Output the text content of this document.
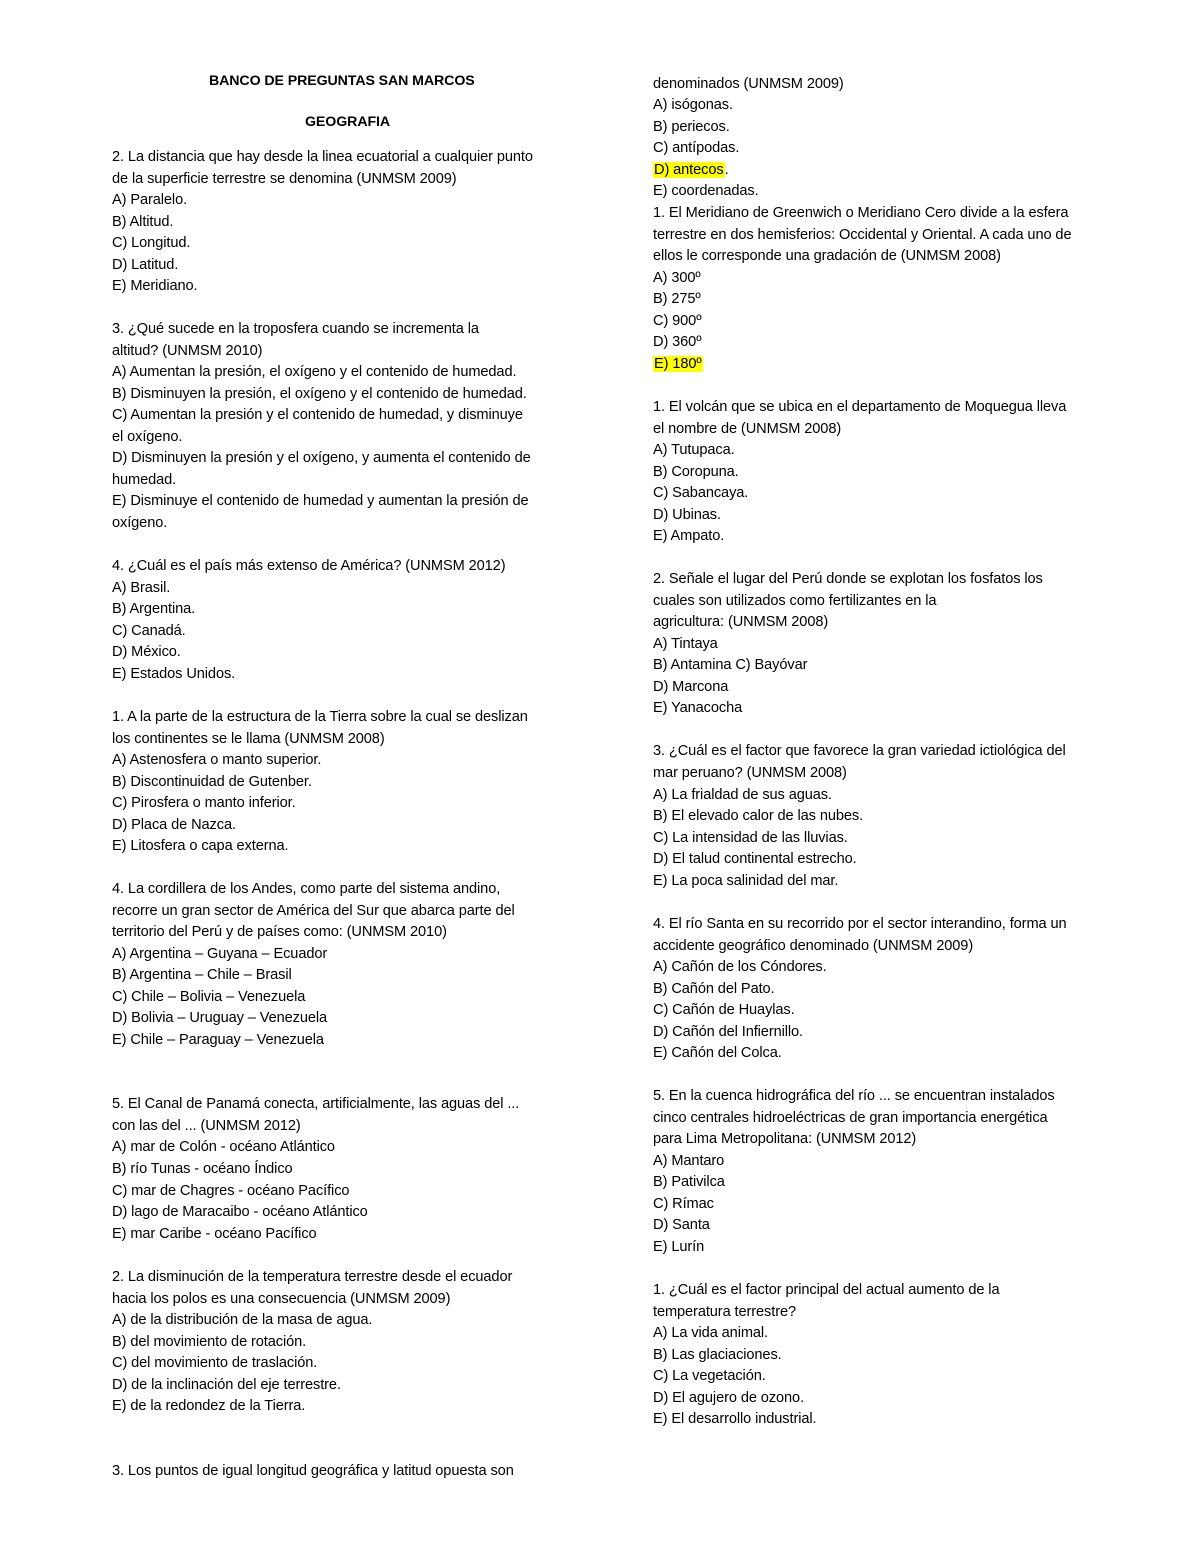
BANCO DE PREGUNTAS SAN MARCOS
GEOGRAFIA
2. La distancia que hay desde la linea ecuatorial a cualquier punto
de la superficie terrestre se denomina (UNMSM 2009)
A) Paralelo.
B) Altitud.
C) Longitud.
D) Latitud.
E) Meridiano.
3. ¿Qué sucede en la troposfera cuando se incrementa la
altitud? (UNMSM 2010)
A) Aumentan la presión, el oxígeno y el contenido de humedad.
B) Disminuyen la presión, el oxígeno y el contenido de humedad.
C) Aumentan la presión y el contenido de humedad, y disminuye
el oxígeno.
D) Disminuyen la presión y el oxígeno, y aumenta el contenido de
humedad.
E) Disminuye el contenido de humedad y aumentan la presión de
oxígeno.
4. ¿Cuál es el país más extenso de América? (UNMSM 2012)
A) Brasil.
B) Argentina.
C) Canadá.
D) México.
E) Estados Unidos.
1. A la parte de la estructura de la Tierra sobre la cual se deslizan
los continentes se le llama (UNMSM 2008)
A) Astenosfera o manto superior.
B) Discontinuidad de Gutenber.
C) Pirosfera o manto inferior.
D) Placa de Nazca.
E) Litosfera o capa externa.
4. La cordillera de los Andes, como parte del sistema andino,
recorre un gran sector de América del Sur que abarca parte del
territorio del Perú y de países como: (UNMSM 2010)
A) Argentina – Guyana – Ecuador
B) Argentina – Chile – Brasil
C) Chile – Bolivia – Venezuela
D) Bolivia – Uruguay – Venezuela
E) Chile – Paraguay – Venezuela
5. El Canal de Panamá conecta, artificialmente, las aguas del ...
con las del ... (UNMSM 2012)
A) mar de Colón - océano Atlántico
B) río Tunas - océano Índico
C) mar de Chagres - océano Pacífico
D) lago de Maracaibo - océano Atlántico
E) mar Caribe - océano Pacífico
2. La disminución de la temperatura terrestre desde el ecuador
hacia los polos es una consecuencia (UNMSM 2009)
A) de la distribución de la masa de agua.
B) del movimiento de rotación.
C) del movimiento de traslación.
D) de la inclinación del eje terrestre.
E) de la redondez de la Tierra.
3. Los puntos de igual longitud geográfica y latitud opuesta son
denominados (UNMSM 2009)
A) isógonas.
B) periecos.
C) antípodas.
D) antecos.
E) coordenadas.
1. El Meridiano de Greenwich o Meridiano Cero divide a la esfera
terrestre en dos hemisferios: Occidental y Oriental. A cada uno de
ellos le corresponde una gradación de (UNMSM 2008)
A) 300º
B) 275º
C) 900º
D) 360º
E) 180º
1. El volcán que se ubica en el departamento de Moquegua lleva
el nombre de (UNMSM 2008)
A) Tutupaca.
B) Coropuna.
C) Sabancaya.
D) Ubinas.
E) Ampato.
2. Señale el lugar del Perú donde se explotan los fosfatos los
cuales son utilizados como fertilizantes en la
agricultura: (UNMSM 2008)
A) Tintaya
B) Antamina C) Bayóvar
D) Marcona
E) Yanacocha
3. ¿Cuál es el factor que favorece la gran variedad ictiológica del
mar peruano? (UNMSM 2008)
A) La frialdad de sus aguas.
B) El elevado calor de las nubes.
C) La intensidad de las lluvias.
D) El talud continental estrecho.
E) La poca salinidad del mar.
4. El río Santa en su recorrido por el sector interandino, forma un
accidente geográfico denominado (UNMSM 2009)
A) Cañón de los Cóndores.
B) Cañón del Pato.
C) Cañón de Huaylas.
D) Cañón del Infiernillo.
E) Cañón del Colca.
5. En la cuenca hidrográfica del río ... se encuentran instalados
cinco centrales hidroeléctricas de gran importancia energética
para Lima Metropolitana: (UNMSM 2012)
A) Mantaro
B) Pativilca
C) Rímac
D) Santa
E) Lurín
1. ¿Cuál es el factor principal del actual aumento de la
temperatura terrestre?
A) La vida animal.
B) Las glaciaciones.
C) La vegetación.
D) El agujero de ozono.
E) El desarrollo industrial.
